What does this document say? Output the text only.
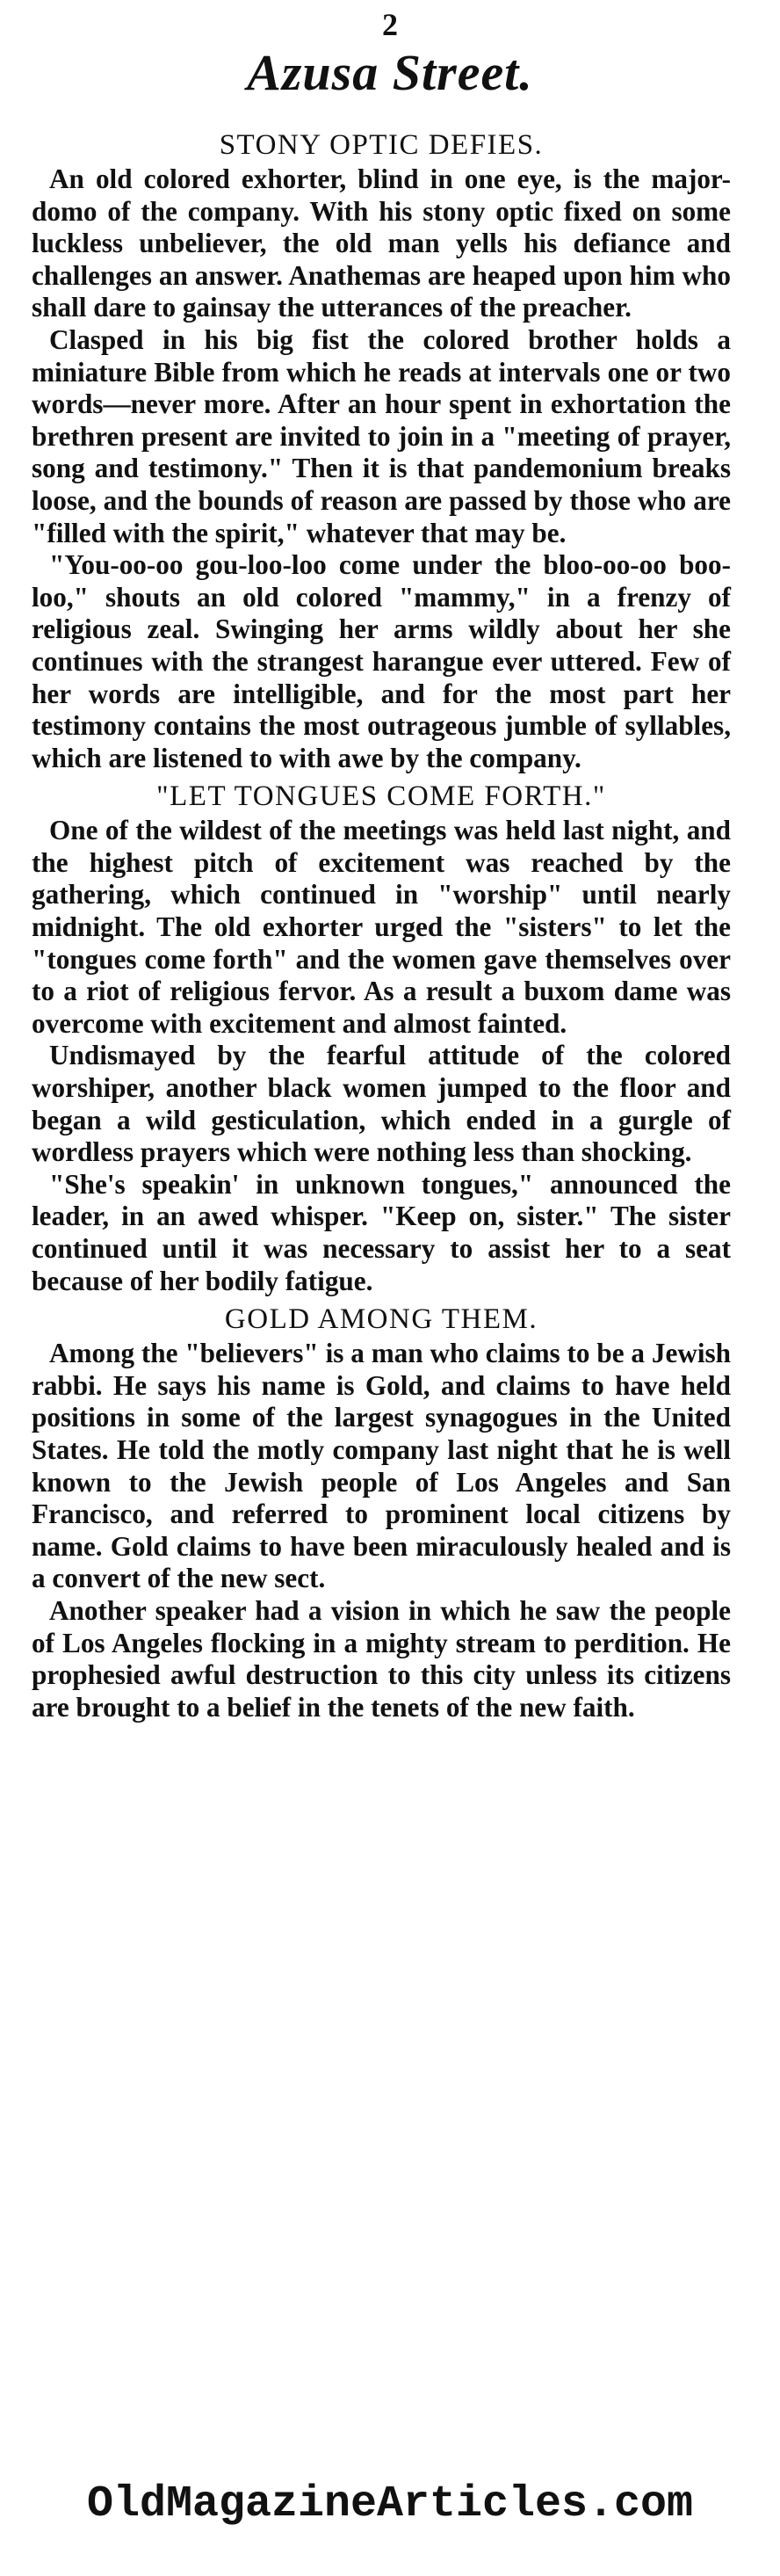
2
Azusa Street.
STONY OPTIC DEFIES.

An old colored exhorter, blind in one eye, is the major-domo of the company. With his stony optic fixed on some luckless unbeliever, the old man yells his defiance and challenges an answer. Anathemas are heaped upon him who shall dare to gainsay the utterances of the preacher.

Clasped in his big fist the colored brother holds a miniature Bible from which he reads at intervals one or two words—never more. After an hour spent in exhortation the brethren present are invited to join in a "meeting of prayer, song and testimony." Then it is that pandemonium breaks loose, and the bounds of reason are passed by those who are "filled with the spirit," whatever that may be.

"You-oo-oo gou-loo-loo come under the bloo-oo-oo boo-loo," shouts an old colored "mammy," in a frenzy of religious zeal. Swinging her arms wildly about her she continues with the strangest harangue ever uttered. Few of her words are intelligible, and for the most part her testimony contains the most outrageous jumble of syllables, which are listened to with awe by the company.

"LET TONGUES COME FORTH."

One of the wildest of the meetings was held last night, and the highest pitch of excitement was reached by the gathering, which continued in "worship" until nearly midnight. The old exhorter urged the "sisters" to let the "tongues come forth" and the women gave themselves over to a riot of religious fervor. As a result a buxom dame was overcome with excitement and almost fainted.

Undismayed by the fearful attitude of the colored worshiper, another black women jumped to the floor and began a wild gesticulation, which ended in a gurgle of wordless prayers which were nothing less than shocking.

"She's speakin' in unknown tongues," announced the leader, in an awed whisper. "Keep on, sister." The sister continued until it was necessary to assist her to a seat because of her bodily fatigue.

GOLD AMONG THEM.

Among the "believers" is a man who claims to be a Jewish rabbi. He says his name is Gold, and claims to have held positions in some of the largest synagogues in the United States. He told the motly company last night that he is well known to the Jewish people of Los Angeles and San Francisco, and referred to prominent local citizens by name. Gold claims to have been miraculously healed and is a convert of the new sect.

Another speaker had a vision in which he saw the people of Los Angeles flocking in a mighty stream to perdition. He prophesied awful destruction to this city unless its citizens are brought to a belief in the tenets of the new faith.

OldMagazineArticles.com
